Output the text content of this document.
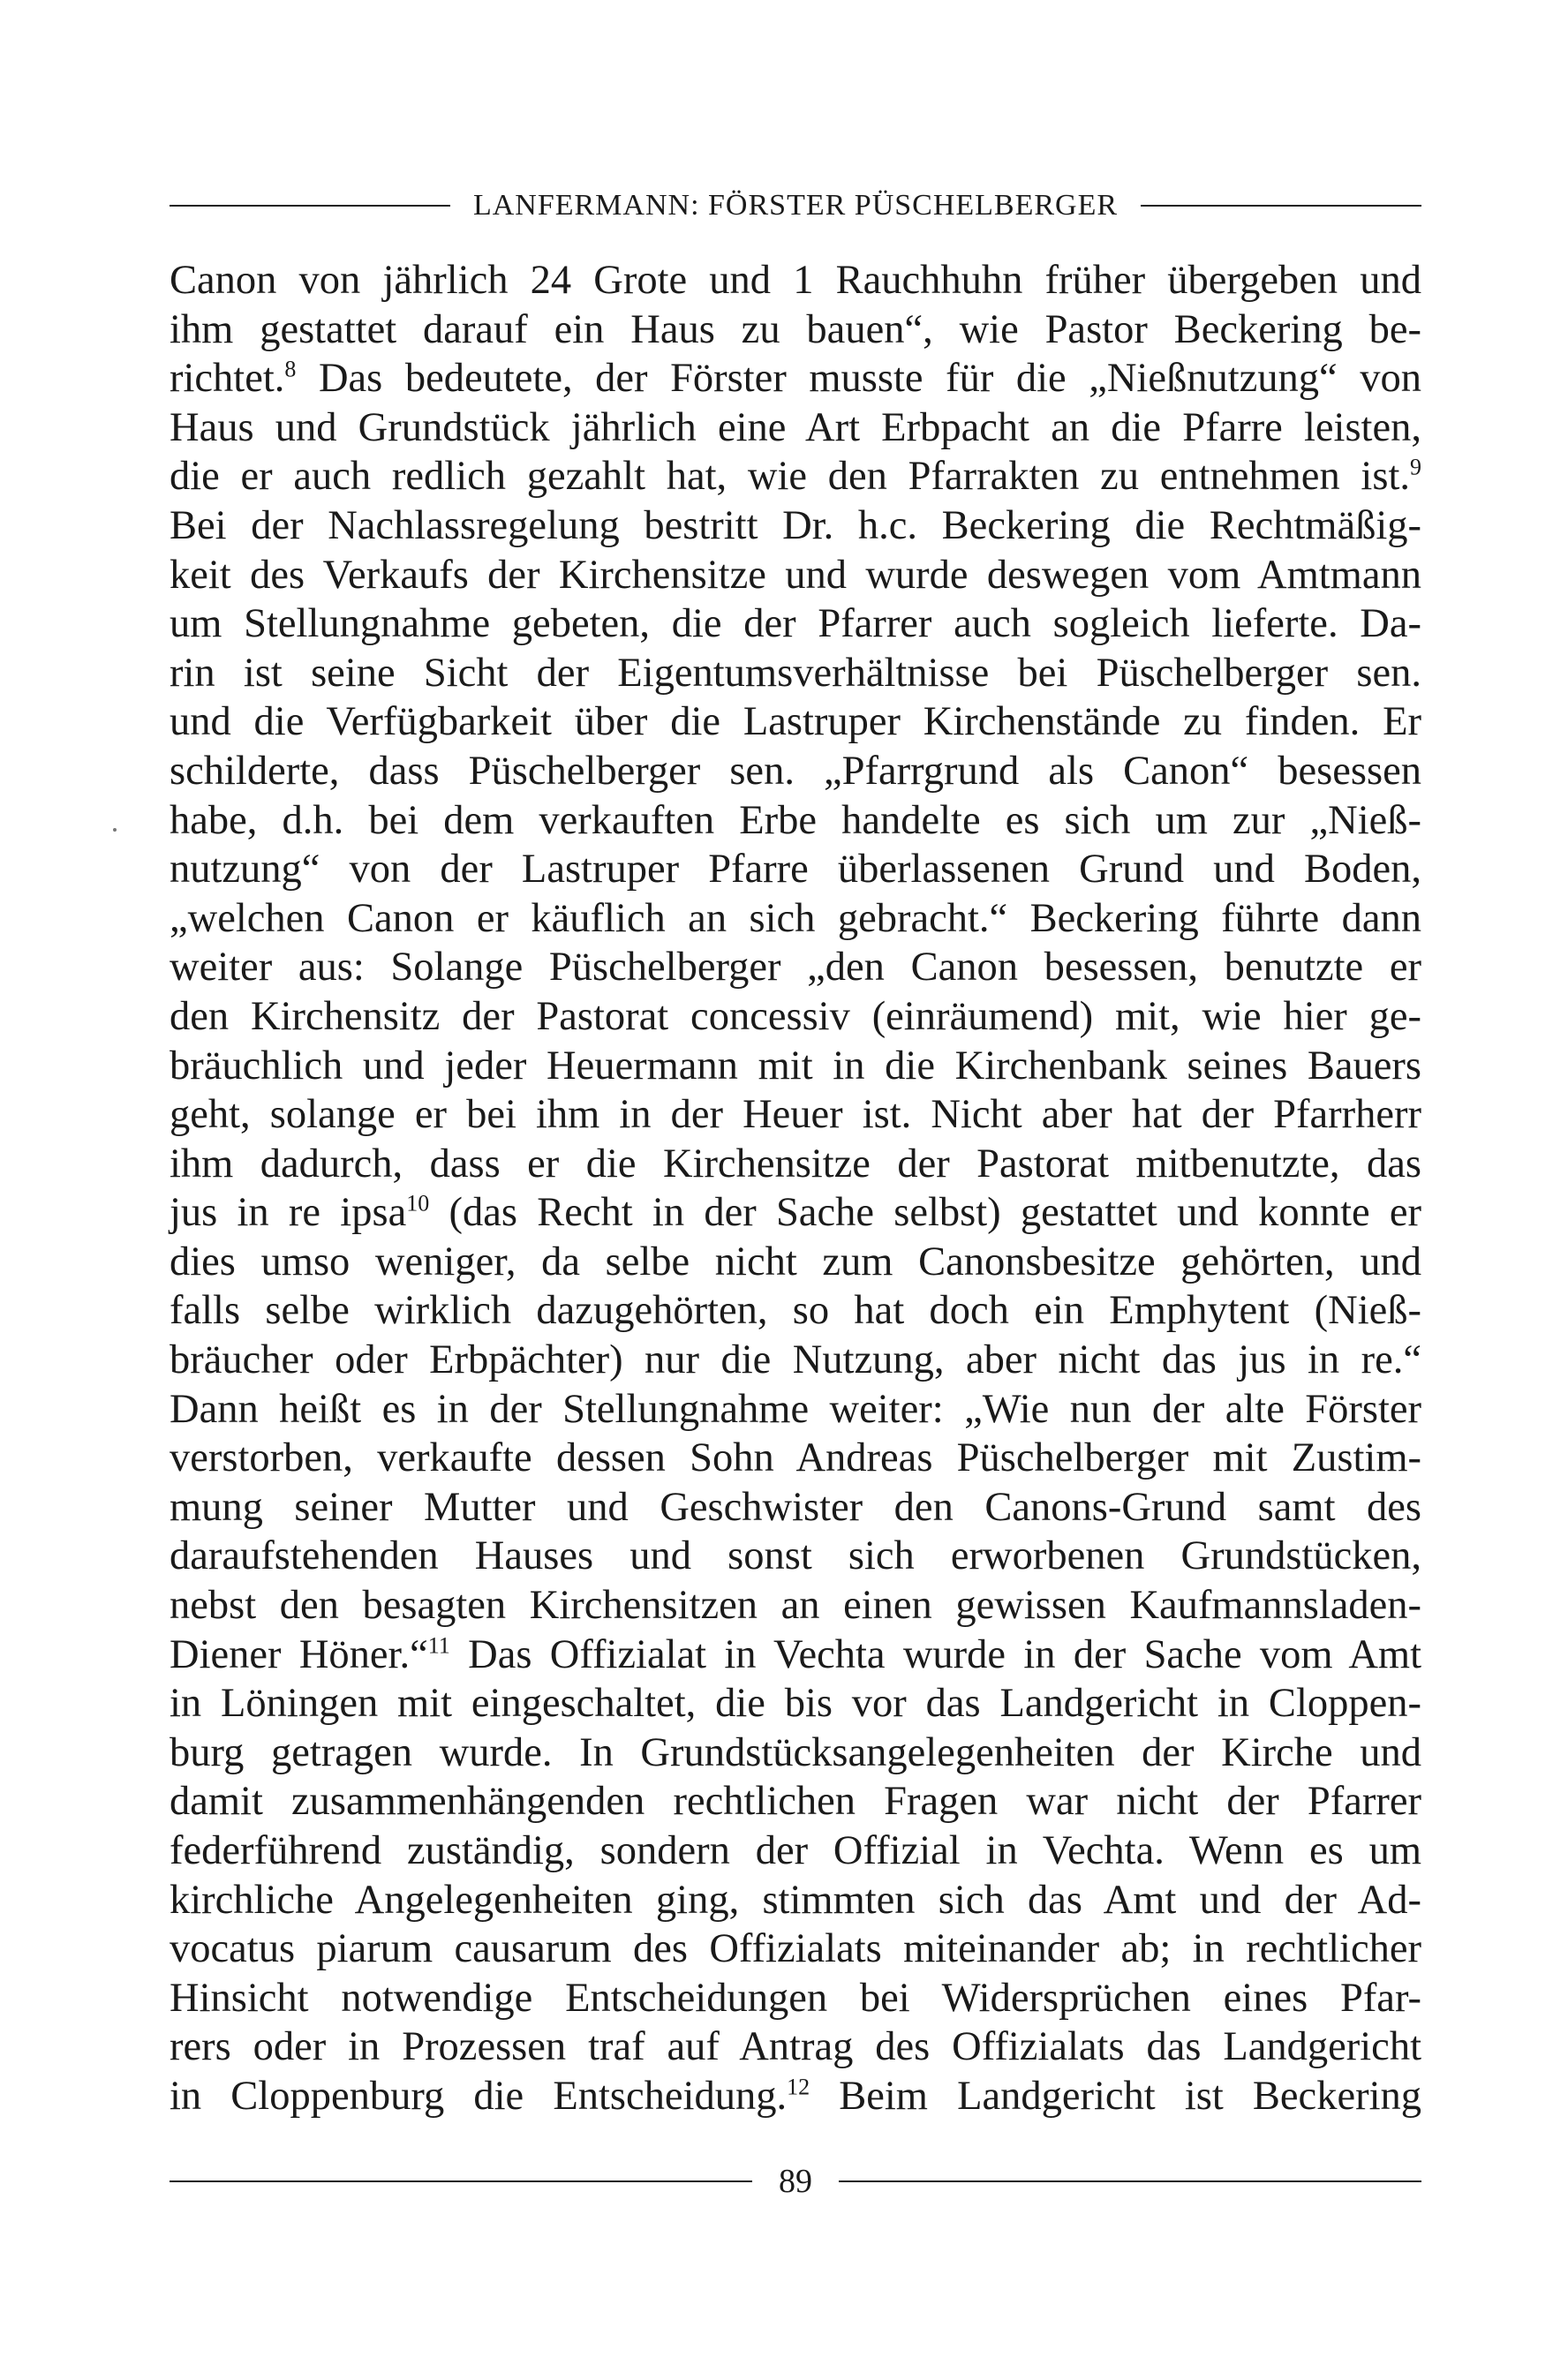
LANFERMANN: FÖRSTER PÜSCHELBERGER
Canon von jährlich 24 Grote und 1 Rauchhuhn früher übergeben und
ihm gestattet darauf ein Haus zu bauen“, wie Pastor Beckering be-
richtet.$^8$ Das bedeutete, der Förster musste für die „Nießnutzung“ von
Haus und Grundstück jährlich eine Art Erbpacht an die Pfarre leisten,
die er auch redlich gezahlt hat, wie den Pfarrakten zu entnehmen ist.$^9$
Bei der Nachlassregelung bestritt Dr. h.c. Beckering die Rechtmäßig-
keit des Verkaufs der Kirchensitze und wurde deswegen vom Amtmann
um Stellungnahme gebeten, die der Pfarrer auch sogleich lieferte. Da-
rin ist seine Sicht der Eigentumsverhältnisse bei Püschelberger sen.
und die Verfügbarkeit über die Lastruper Kirchenstände zu finden. Er
schilderte, dass Püschelberger sen. „Pfarrgrund als Canon“ besessen
habe, d.h. bei dem verkauften Erbe handelte es sich um zur „Nieß-
nutzung“ von der Lastruper Pfarre überlassenen Grund und Boden,
„welchen Canon er käuflich an sich gebracht.“ Beckering führte dann
weiter aus: Solange Püschelberger „den Canon besessen, benutzte er
den Kirchensitz der Pastorat concessiv (einräumend) mit, wie hier ge-
bräuchlich und jeder Heuermann mit in die Kirchenbank seines Bauers
geht, solange er bei ihm in der Heuer ist. Nicht aber hat der Pfarrherr
ihm dadurch, dass er die Kirchensitze der Pastorat mitbenutzte, das
jus in re ipsa$^{10}$ (das Recht in der Sache selbst) gestattet und konnte er
dies umso weniger, da selbe nicht zum Canonsbesitze gehörten, und
falls selbe wirklich dazugehörten, so hat doch ein Emphytent (Nieß-
bräucher oder Erbpächter) nur die Nutzung, aber nicht das jus in re.“
Dann heißt es in der Stellungnahme weiter: „Wie nun der alte Förster
verstorben, verkaufte dessen Sohn Andreas Püschelberger mit Zustim-
mung seiner Mutter und Geschwister den Canons-Grund samt des
daraufstehenden Hauses und sonst sich erworbenen Grundstücken,
nebst den besagten Kirchensitzen an einen gewissen Kaufmannsladen-
Diener Höner.“$^{11}$ Das Offizialat in Vechta wurde in der Sache vom Amt
in Löningen mit eingeschaltet, die bis vor das Landgericht in Cloppen-
burg getragen wurde. In Grundstücksangelegenheiten der Kirche und
damit zusammenhängenden rechtlichen Fragen war nicht der Pfarrer
federführend zuständig, sondern der Offizial in Vechta. Wenn es um
kirchliche Angelegenheiten ging, stimmten sich das Amt und der Ad-
vocatus piarum causarum des Offizialats miteinander ab; in rechtlicher
Hinsicht notwendige Entscheidungen bei Widersprüchen eines Pfar-
rers oder in Prozessen traf auf Antrag des Offizialats das Landgericht
in Cloppenburg die Entscheidung.$^{12}$ Beim Landgericht ist Beckering
89
